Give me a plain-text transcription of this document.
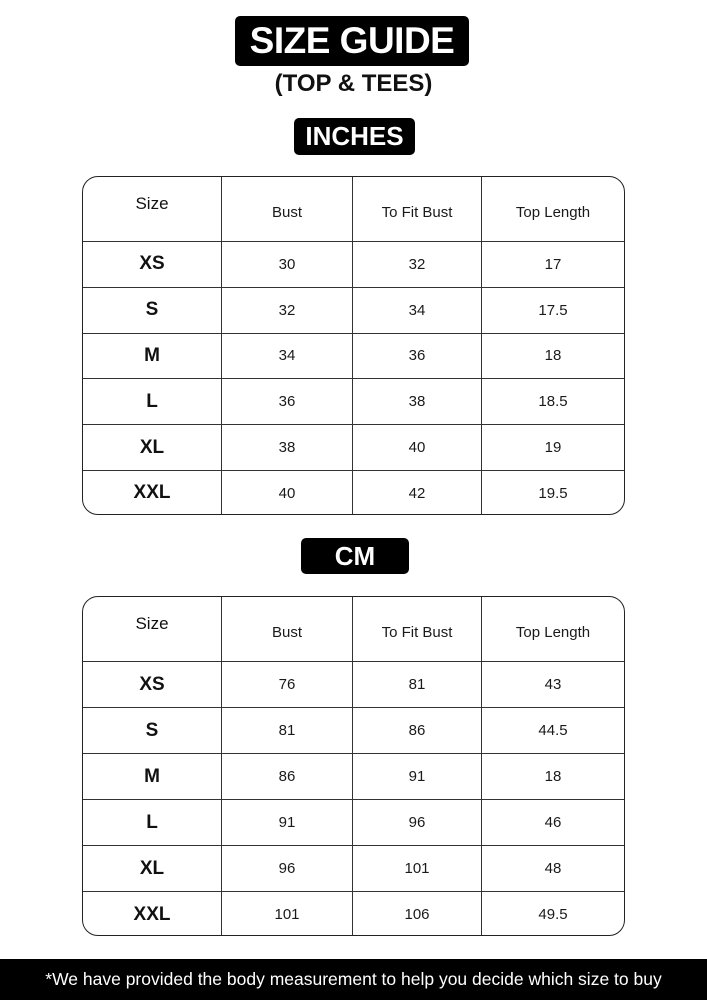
SIZE GUIDE
(TOP & TEES)
INCHES
Size	Bust	To Fit Bust	Top Length
XS	30	32	17
S	32	34	17.5
M	34	36	18
L	36	38	18.5
XL	38	40	19
XXL	40	42	19.5
CM
Size	Bust	To Fit Bust	Top Length
XS	76	81	43
S	81	86	44.5
M	86	91	18
L	91	96	46
XL	96	101	48
XXL	101	106	49.5
*We have provided the body measurement to help you decide which size to buy
